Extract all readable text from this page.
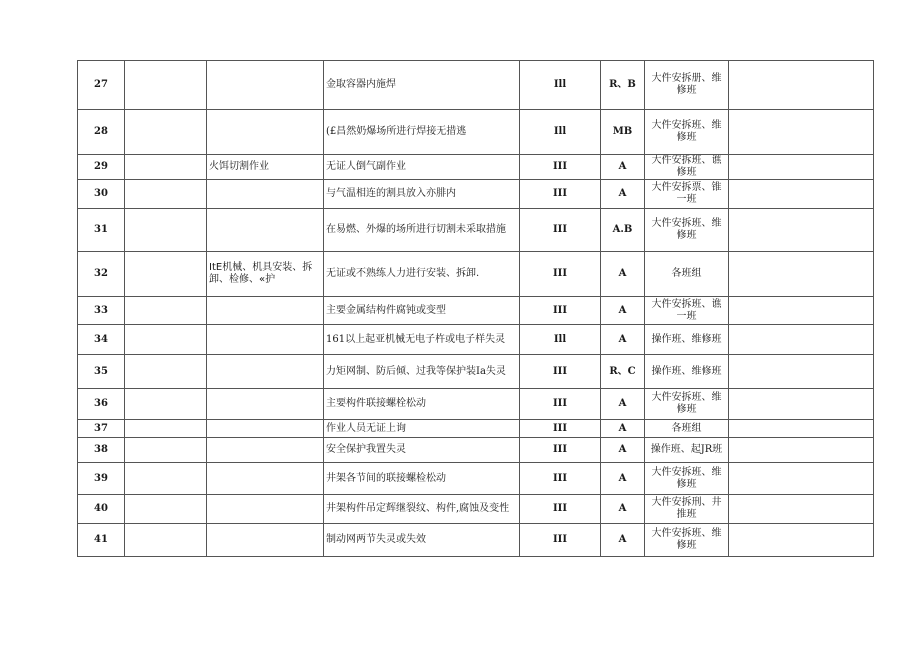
27			金取容器内施焊	Ill	R、B	大件安拆册、维修班	
28			(£昌然奶爆场所进行焊接无措逃	Ill	MB	大件安拆班、维修班	
29		火饵切割作业	无证人倒气副作业	III	A	大件安拆班、谯修班	
30			与气温相连的割具放入亦腓内	III	A	大件安拆票、锥一班	
31			在易燃、外爆的场所进行切割未采取措施	III	A.B	大件安拆班、维修班	
32		ItE机械、机具安装、拆卸、检修、«护	无证或不熟练人力进行安装、拆卸.	III	A	各班组	
33			主要金属结构件腐钝或变型	III	A	大件安拆班、谯一班	
34			161以上起亚机械无电子杵或电子样失灵	Ill	A	操作班、维修班	
35			力矩网制、防后倾、过我等保护装Ia失灵	III	R、C	操作班、维修班	
36			主要构件联接螺栓松动	III	A	大件安拆班、维修班	
37			作业人员无证上询	III	A	各班组	
38			安全保护我置失灵	III	A	操作班、起JR班	
39			井架各节间的联接螺检松动	III	A	大件安拆班、维修班	
40			井架构件吊定辉继裂纹、构件,腐蚀及变性	III	A	大件安拆刑、井推班	
41			制动网两节失灵或失效	III	A	大件安拆班、维修班	
